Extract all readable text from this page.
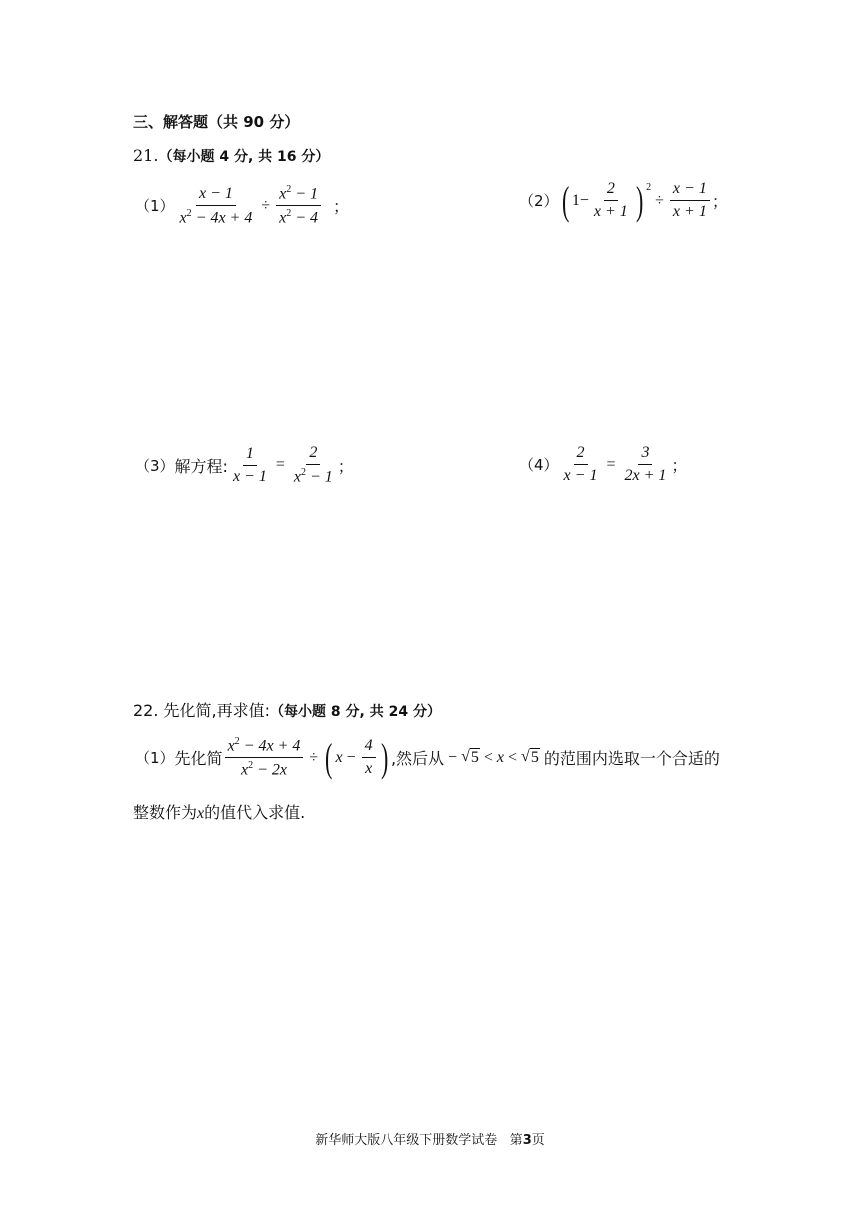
三、解答题（共 90 分）
21.（每小题 4 分, 共 16 分）
$(1) \frac{x - 1}{x^2 - 4x + 4} \div \frac{x^2 - 1}{x^2 - 4}$ ；	（2） ( $1- \frac{2}{x + 1}$ ) 2
÷ $\frac{x - 1}{x + 1}$ ；
（3） 解方程: $\frac{1}{x - 1} = \frac{2}{x^2 - 1}$ ；	$(4) \frac{2}{x - 1} = \frac{3}{2x + 1}$ ；
22. 先化简,再求值:（每小题 8 分, 共 24 分）
（1） 先化简 $\frac{x^2 - 4x + 4}{x^2 - 2x}$ ÷ ( $x - \frac{4}{x}$ ) ,然后从 − √ 5 < x < √ 5 的范围内选取一个合适的
整数作为x的值代入求值.
新华师大版八年级下册数学试卷 第3页
